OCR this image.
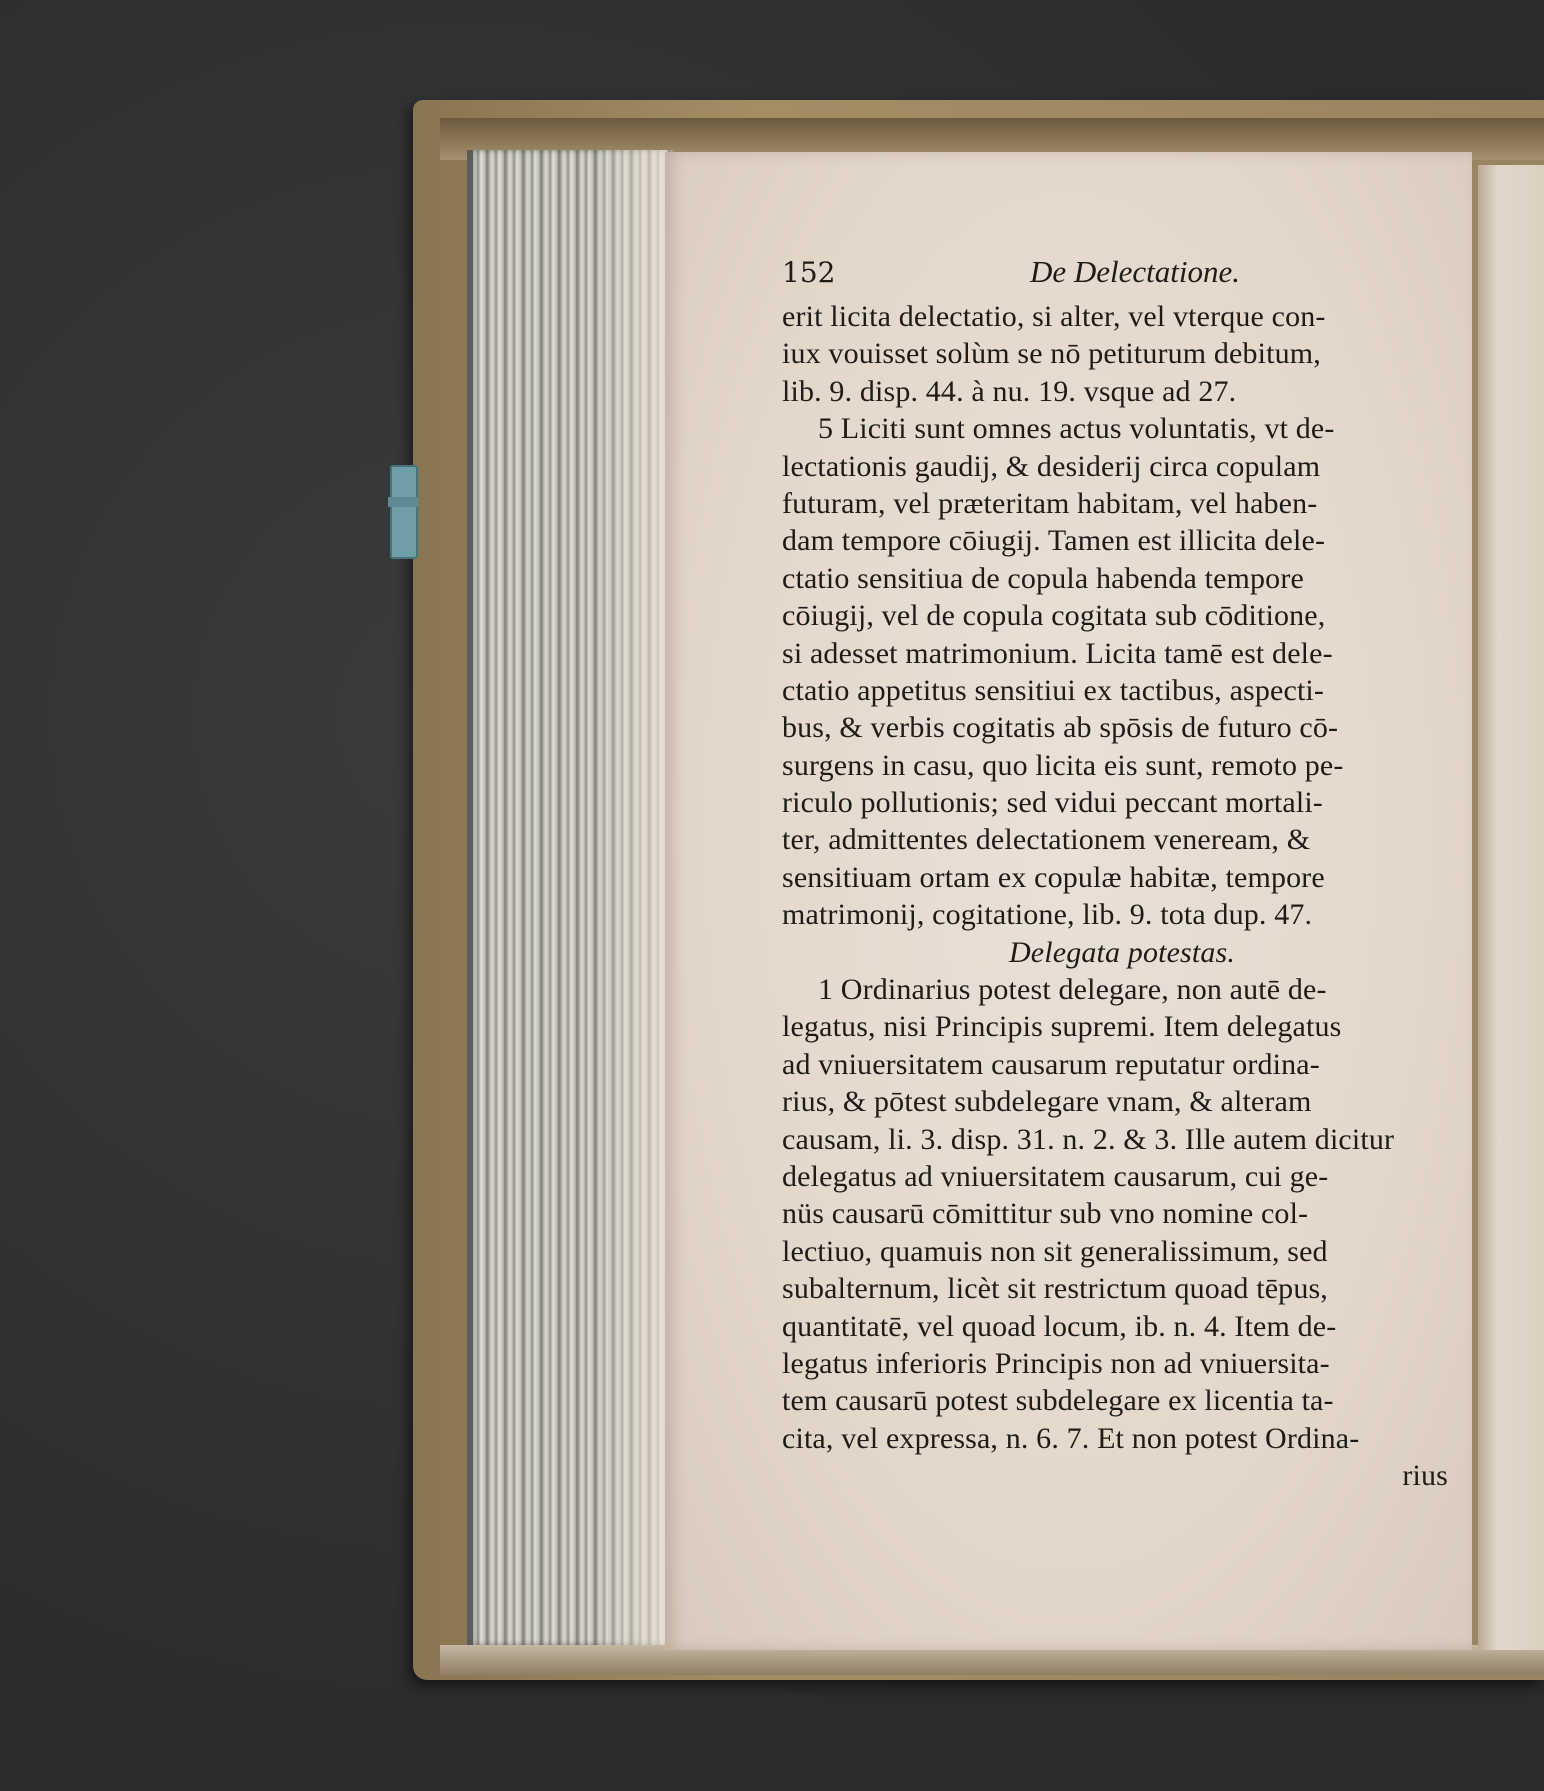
152	De Delectatione.
erit licita delectatio, si alter, vel vterque con-
iux vouisset solùm se nō petiturum debitum,
lib. 9. disp. 44. à nu. 19. vsque ad 27.
5 Liciti sunt omnes actus voluntatis, vt de-
lectationis gaudij, & desiderij circa copulam
futuram, vel præteritam habitam, vel haben-
dam tempore cōiugij. Tamen est illicita dele-
ctatio sensitiua de copula habenda tempore
cōiugij, vel de copula cogitata sub cōditione,
si adesset matrimonium. Licita tamē est dele-
ctatio appetitus sensitiui ex tactibus, aspecti-
bus, & verbis cogitatis ab spōsis de futuro cō-
surgens in casu, quo licita eis sunt, remoto pe-
riculo pollutionis; sed vidui peccant mortali-
ter, admittentes delectationem veneream, &
sensitiuam ortam ex copulæ habitæ, tempore
matrimonij, cogitatione, lib. 9. tota dup. 47.
Delegata potestas.
1 Ordinarius potest delegare, non autē de-
legatus, nisi Principis supremi. Item delegatus
ad vniuersitatem causarum reputatur ordina-
rius, & pōtest subdelegare vnam, & alteram
causam, li. 3. disp. 31. n. 2. & 3. Ille autem dicitur
delegatus ad vniuersitatem causarum, cui ge-
nüs causarū cōmittitur sub vno nomine col-
lectiuo, quamuis non sit generalissimum, sed
subalternum, licèt sit restrictum quoad tēpus,
quantitatē, vel quoad locum, ib. n. 4. Item de-
legatus inferioris Principis non ad vniuersita-
tem causarū potest subdelegare ex licentia ta-
cita, vel expressa, n. 6. 7. Et non potest Ordina-
rius
